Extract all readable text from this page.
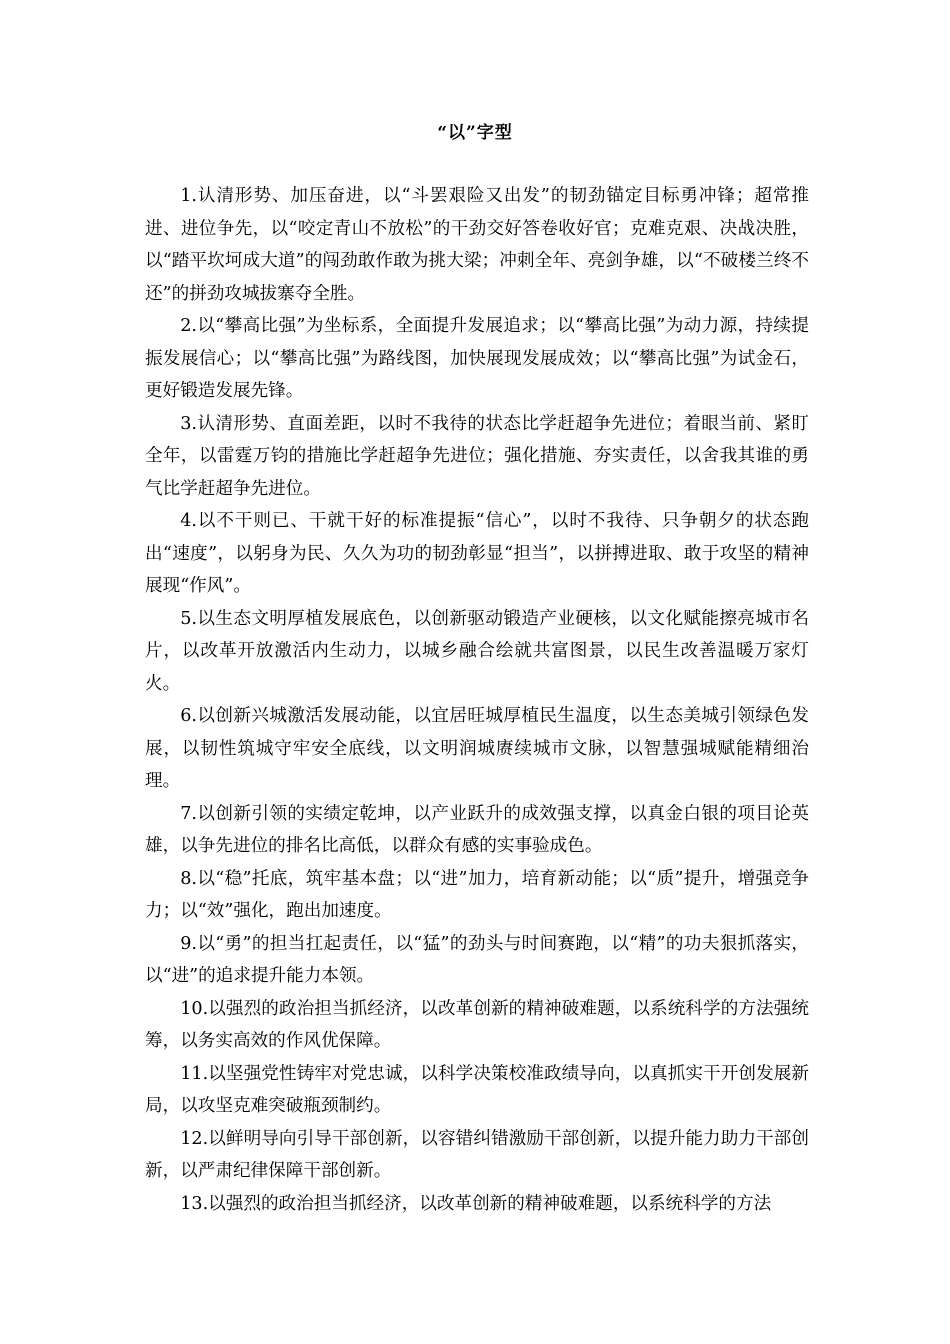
“以”字型

1.认清形势、加压奋进，以“斗罢艰险又出发”的韧劲锚定目标勇冲锋；超常推进、进位争先，以“咬定青山不放松”的干劲交好答卷收好官；克难克艰、决战决胜，以“踏平坎坷成大道”的闯劲敢作敢为挑大梁；冲刺全年、亮剑争雄，以“不破楼兰终不还”的拼劲攻城拔寨夺全胜。

2.以“攀高比强”为坐标系，全面提升发展追求；以“攀高比强”为动力源，持续提振发展信心；以“攀高比强”为路线图，加快展现发展成效；以“攀高比强”为试金石，更好锻造发展先锋。

3.认清形势、直面差距，以时不我待的状态比学赶超争先进位；着眼当前、紧盯全年，以雷霆万钧的措施比学赶超争先进位；强化措施、夯实责任，以舍我其谁的勇气比学赶超争先进位。

4.以不干则已、干就干好的标准提振“信心”，以时不我待、只争朝夕的状态跑出“速度”，以躬身为民、久久为功的韧劲彰显“担当”，以拼搏进取、敢于攻坚的精神展现“作风”。

5.以生态文明厚植发展底色，以创新驱动锻造产业硬核，以文化赋能擦亮城市名片，以改革开放激活内生动力，以城乡融合绘就共富图景，以民生改善温暖万家灯火。

6.以创新兴城激活发展动能，以宜居旺城厚植民生温度，以生态美城引领绿色发展，以韧性筑城守牢安全底线，以文明润城赓续城市文脉，以智慧强城赋能精细治理。

7.以创新引领的实绩定乾坤，以产业跃升的成效强支撑，以真金白银的项目论英雄，以争先进位的排名比高低，以群众有感的实事验成色。

8.以“稳”托底，筑牢基本盘；以“进”加力，培育新动能；以“质”提升，增强竞争力；以“效”强化，跑出加速度。

9.以“勇”的担当扛起责任，以“猛”的劲头与时间赛跑，以“精”的功夫狠抓落实，以“进”的追求提升能力本领。

10.以强烈的政治担当抓经济，以改革创新的精神破难题，以系统科学的方法强统筹，以务实高效的作风优保障。

11.以坚强党性铸牢对党忠诚，以科学决策校准政绩导向，以真抓实干开创发展新局，以攻坚克难突破瓶颈制约。

12.以鲜明导向引导干部创新，以容错纠错激励干部创新，以提升能力助力干部创新，以严肃纪律保障干部创新。

13.以强烈的政治担当抓经济，以改革创新的精神破难题，以系统科学的方法
